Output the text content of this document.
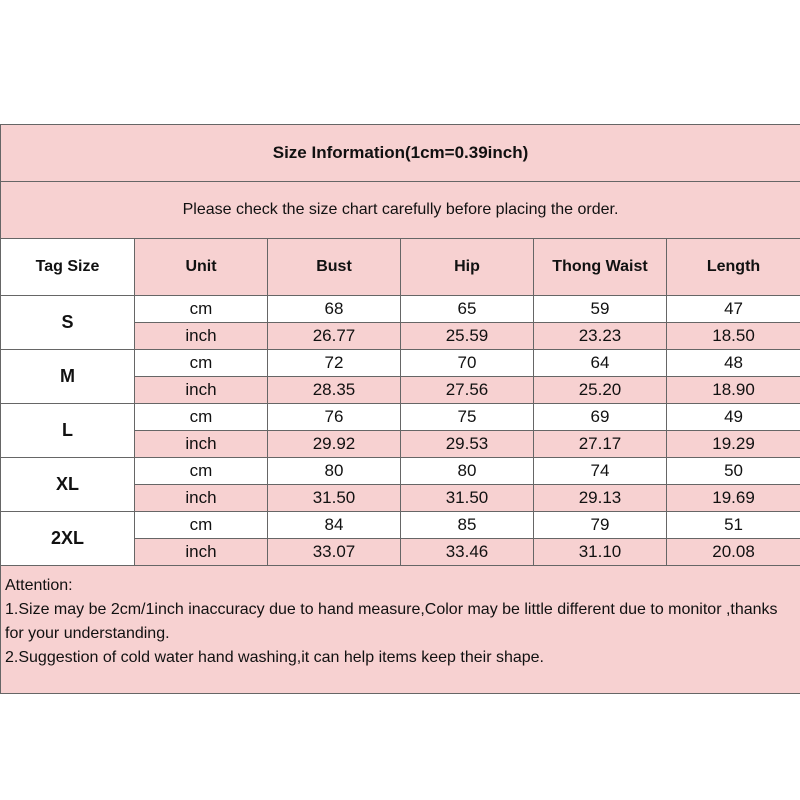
Size Information(1cm=0.39inch)					
Please check the size chart carefully before placing the order.					
Tag Size	Unit	Bust	Hip	Thong Waist	Length
S	cm	68	65	59	47
	inch	26.77	25.59	23.23	18.50
M	cm	72	70	64	48
	inch	28.35	27.56	25.20	18.90
L	cm	76	75	69	49
	inch	29.92	29.53	27.17	19.29
XL	cm	80	80	74	50
	inch	31.50	31.50	29.13	19.69
2XL	cm	84	85	79	51
	inch	33.07	33.46	31.10	20.08

Attention:
1.Size may be 2cm/1inch inaccuracy due to hand measure,Color may be little different due to monitor ,thanks for your understanding.
2.Suggestion of cold water hand washing,it can help items keep their shape.					
